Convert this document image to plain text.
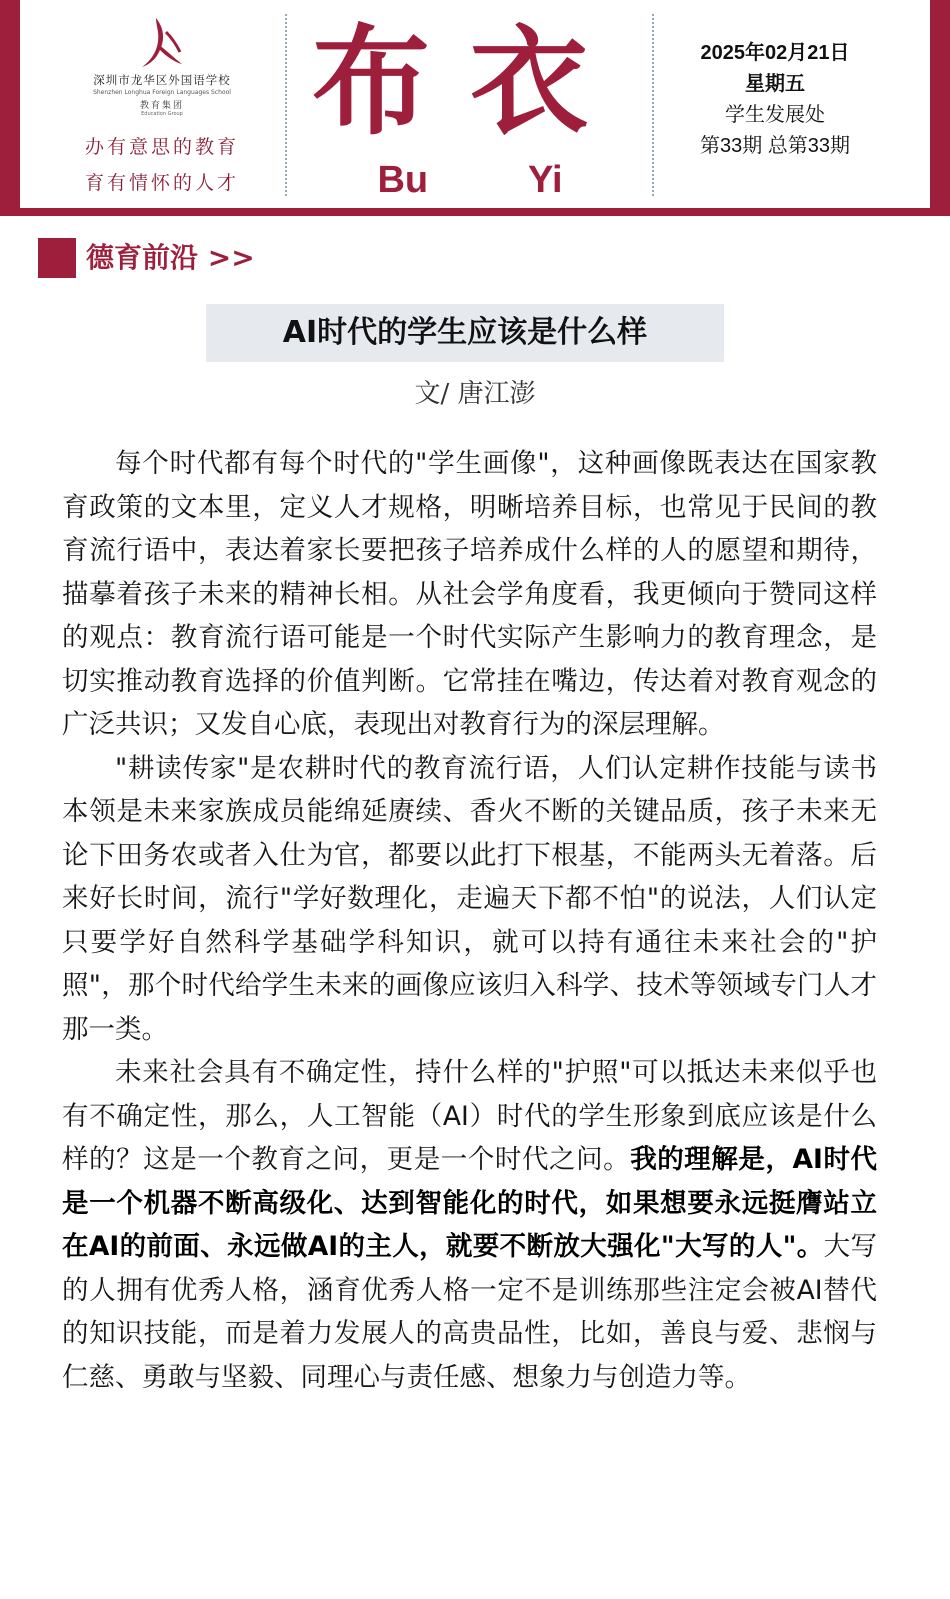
深圳市龙华区外国语学校
Shenzhen Longhua Foreign Languages School
教育集团
Education Group
办有意思的教育
育有情怀的人才
布衣
Bu Yi
2025年02月21日
星期五
学生发展处
第33期 总第33期
德育前沿 >>
AI时代的学生应该是什么样
文/ 唐江澎

每个时代都有每个时代的"学生画像"，这种画像既表达在国家教育政策的文本里，定义人才规格，明晰培养目标，也常见于民间的教育流行语中，表达着家长要把孩子培养成什么样的人的愿望和期待，描摹着孩子未来的精神长相。从社会学角度看，我更倾向于赞同这样的观点：教育流行语可能是一个时代实际产生影响力的教育理念，是切实推动教育选择的价值判断。它常挂在嘴边，传达着对教育观念的广泛共识；又发自心底，表现出对教育行为的深层理解。

"耕读传家"是农耕时代的教育流行语，人们认定耕作技能与读书本领是未来家族成员能绵延赓续、香火不断的关键品质，孩子未来无论下田务农或者入仕为官，都要以此打下根基，不能两头无着落。后来好长时间，流行"学好数理化，走遍天下都不怕"的说法，人们认定只要学好自然科学基础学科知识，就可以持有通往未来社会的"护照"，那个时代给学生未来的画像应该归入科学、技术等领域专门人才那一类。

未来社会具有不确定性，持什么样的"护照"可以抵达未来似乎也有不确定性，那么，人工智能（AI）时代的学生形象到底应该是什么样的？这是一个教育之问，更是一个时代之问。我的理解是，AI时代是一个机器不断高级化、达到智能化的时代，如果想要永远挺膺站立在AI的前面、永远做AI的主人，就要不断放大强化"大写的人"。大写的人拥有优秀人格，涵育优秀人格一定不是训练那些注定会被AI替代的知识技能，而是着力发展人的高贵品性，比如，善良与爱、悲悯与仁慈、勇敢与坚毅、同理心与责任感、想象力与创造力等。
